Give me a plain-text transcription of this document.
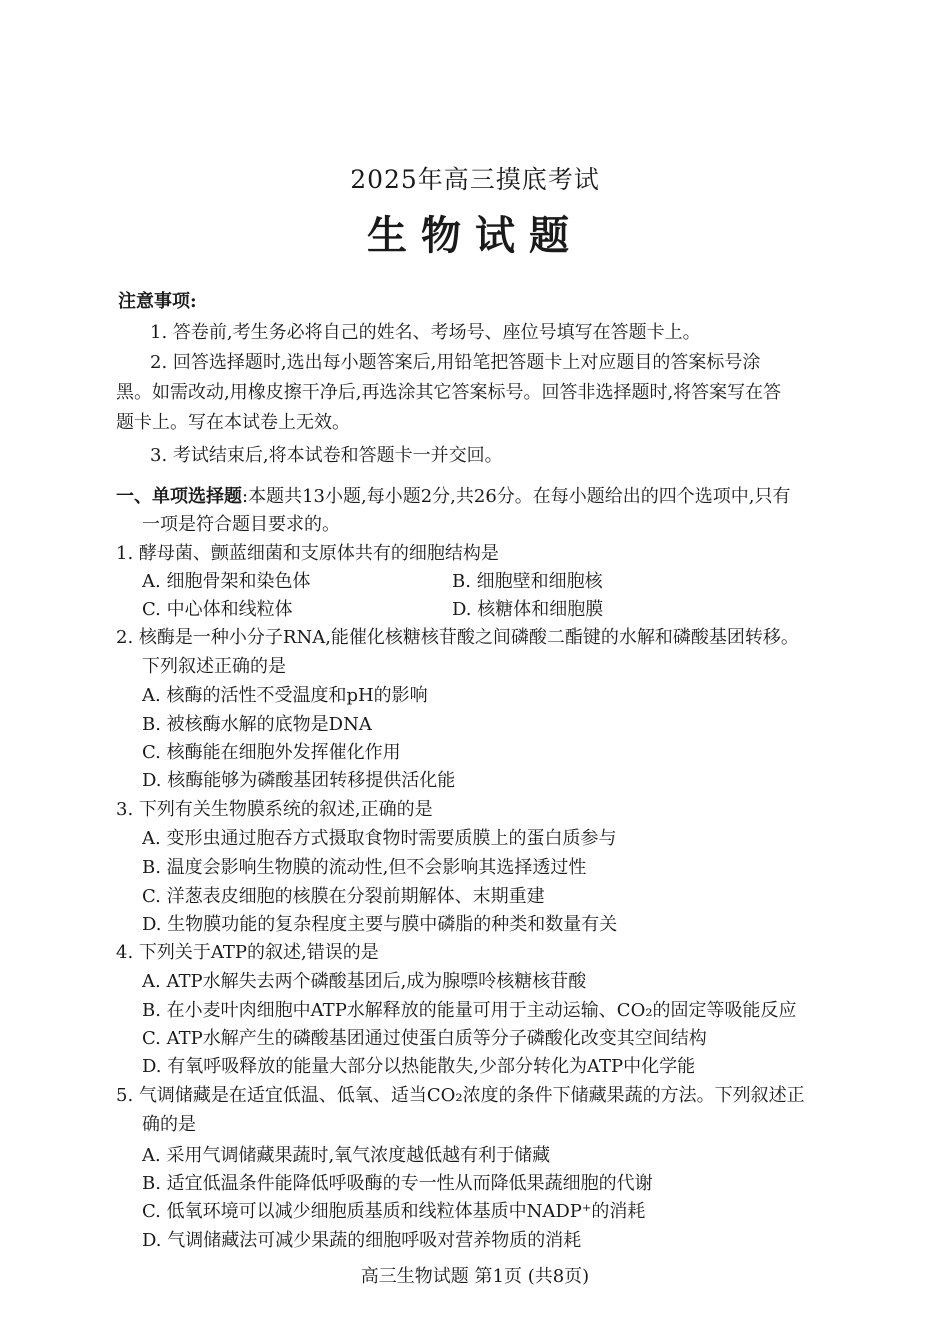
2025年高三摸底考试
生物试题
注意事项:
1. 答卷前,考生务必将自己的姓名、考场号、座位号填写在答题卡上。
2. 回答选择题时,选出每小题答案后,用铅笔把答题卡上对应题目的答案标号涂
黑。如需改动,用橡皮擦干净后,再选涂其它答案标号。回答非选择题时,将答案写在答
题卡上。写在本试卷上无效。
3. 考试结束后,将本试卷和答题卡一并交回。
一、单项选择题:本题共13小题,每小题2分,共26分。在每小题给出的四个选项中,只有
一项是符合题目要求的。
1. 酵母菌、颤蓝细菌和支原体共有的细胞结构是
A. 细胞骨架和染色体	B. 细胞壁和细胞核
C. 中心体和线粒体	D. 核糖体和细胞膜
2. 核酶是一种小分子RNA,能催化核糖核苷酸之间磷酸二酯键的水解和磷酸基团转移。
下列叙述正确的是
A. 核酶的活性不受温度和pH的影响
B. 被核酶水解的底物是DNA
C. 核酶能在细胞外发挥催化作用
D. 核酶能够为磷酸基团转移提供活化能
3. 下列有关生物膜系统的叙述,正确的是
A. 变形虫通过胞吞方式摄取食物时需要质膜上的蛋白质参与
B. 温度会影响生物膜的流动性,但不会影响其选择透过性
C. 洋葱表皮细胞的核膜在分裂前期解体、末期重建
D. 生物膜功能的复杂程度主要与膜中磷脂的种类和数量有关
4. 下列关于ATP的叙述,错误的是
A. ATP水解失去两个磷酸基团后,成为腺嘌呤核糖核苷酸
B. 在小麦叶肉细胞中ATP水解释放的能量可用于主动运输、CO₂的固定等吸能反应
C. ATP水解产生的磷酸基团通过使蛋白质等分子磷酸化改变其空间结构
D. 有氧呼吸释放的能量大部分以热能散失,少部分转化为ATP中化学能
5. 气调储藏是在适宜低温、低氧、适当CO₂浓度的条件下储藏果蔬的方法。下列叙述正
确的是
A. 采用气调储藏果蔬时,氧气浓度越低越有利于储藏
B. 适宜低温条件能降低呼吸酶的专一性从而降低果蔬细胞的代谢
C. 低氧环境可以减少细胞质基质和线粒体基质中NADP⁺的消耗
D. 气调储藏法可减少果蔬的细胞呼吸对营养物质的消耗
高三生物试题 第1页 (共8页)
